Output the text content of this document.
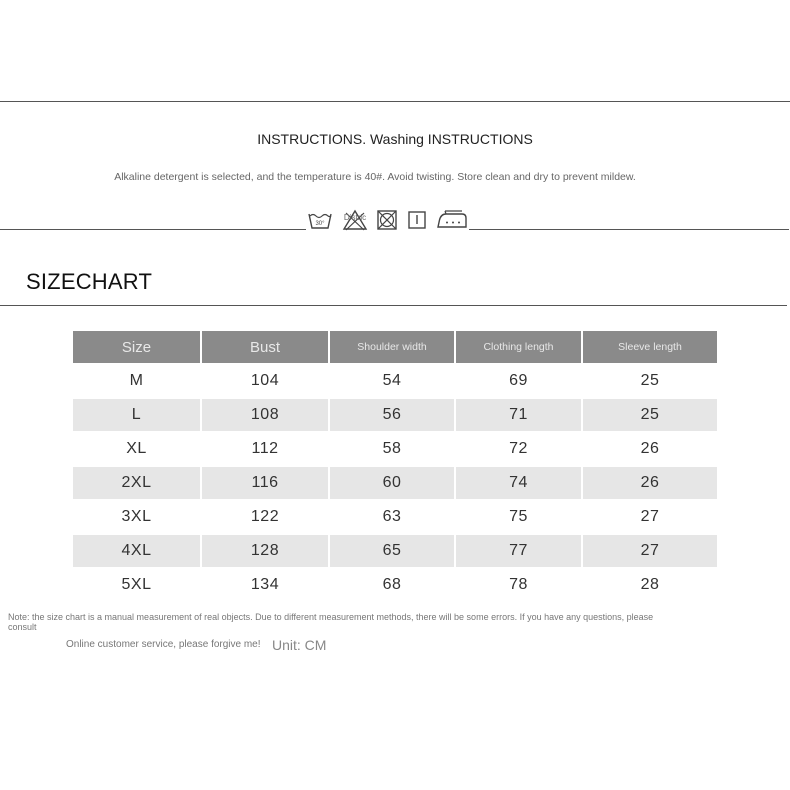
INSTRUCTIONS. Washing INSTRUCTIONS
Alkaline detergent is selected, and the temperature is 40#. Avoid twisting. Store clean and dry to prevent mildew.
30°
Distric
SIZECHART
Size	Bust	Shoulder width	Clothing length	Sleeve length
M	104	54	69	25
L	108	56	71	25
XL	112	58	72	26
2XL	116	60	74	26
3XL	122	63	75	27
4XL	128	65	77	27
5XL	134	68	78	28
Note: the size chart is a manual measurement of real objects. Due to different measurement methods, there will be some errors. If you have any questions, please consult
Online customer service, please forgive me! Unit: CM
